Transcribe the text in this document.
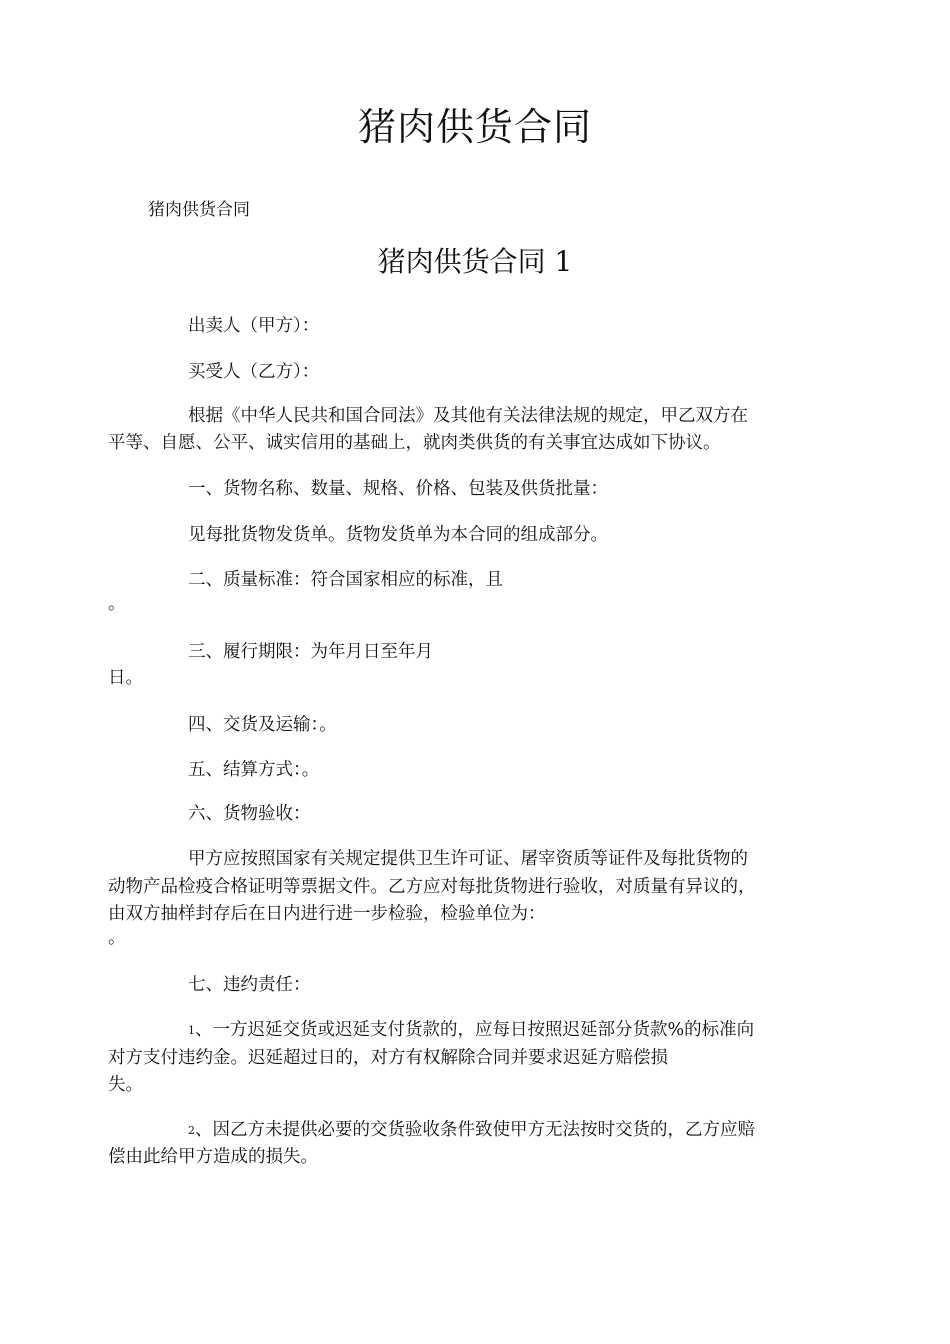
猪肉供货合同
猪肉供货合同
猪肉供货合同 1
出卖人（甲方）：
买受人（乙方）：
根据《中华人民共和国合同法》及其他有关法律法规的规定，甲乙双方在
平等、自愿、公平、诚实信用的基础上，就肉类供货的有关事宜达成如下协议。
一、货物名称、数量、规格、价格、包装及供货批量：
见每批货物发货单。货物发货单为本合同的组成部分。
二、质量标准：符合国家相应的标准，且
。
三、履行期限：为年月日至年月
日。
四、交货及运输：。
五、结算方式：。
六、货物验收：
甲方应按照国家有关规定提供卫生许可证、屠宰资质等证件及每批货物的
动物产品检疫合格证明等票据文件。乙方应对每批货物进行验收，对质量有异议的，
由双方抽样封存后在日内进行进一步检验，检验单位为：
。
七、违约责任：
1、一方迟延交货或迟延支付货款的，应每日按照迟延部分货款%的标准向
对方支付违约金。迟延超过日的，对方有权解除合同并要求迟延方赔偿损
失。
2、因乙方未提供必要的交货验收条件致使甲方无法按时交货的，乙方应赔
偿由此给甲方造成的损失。
